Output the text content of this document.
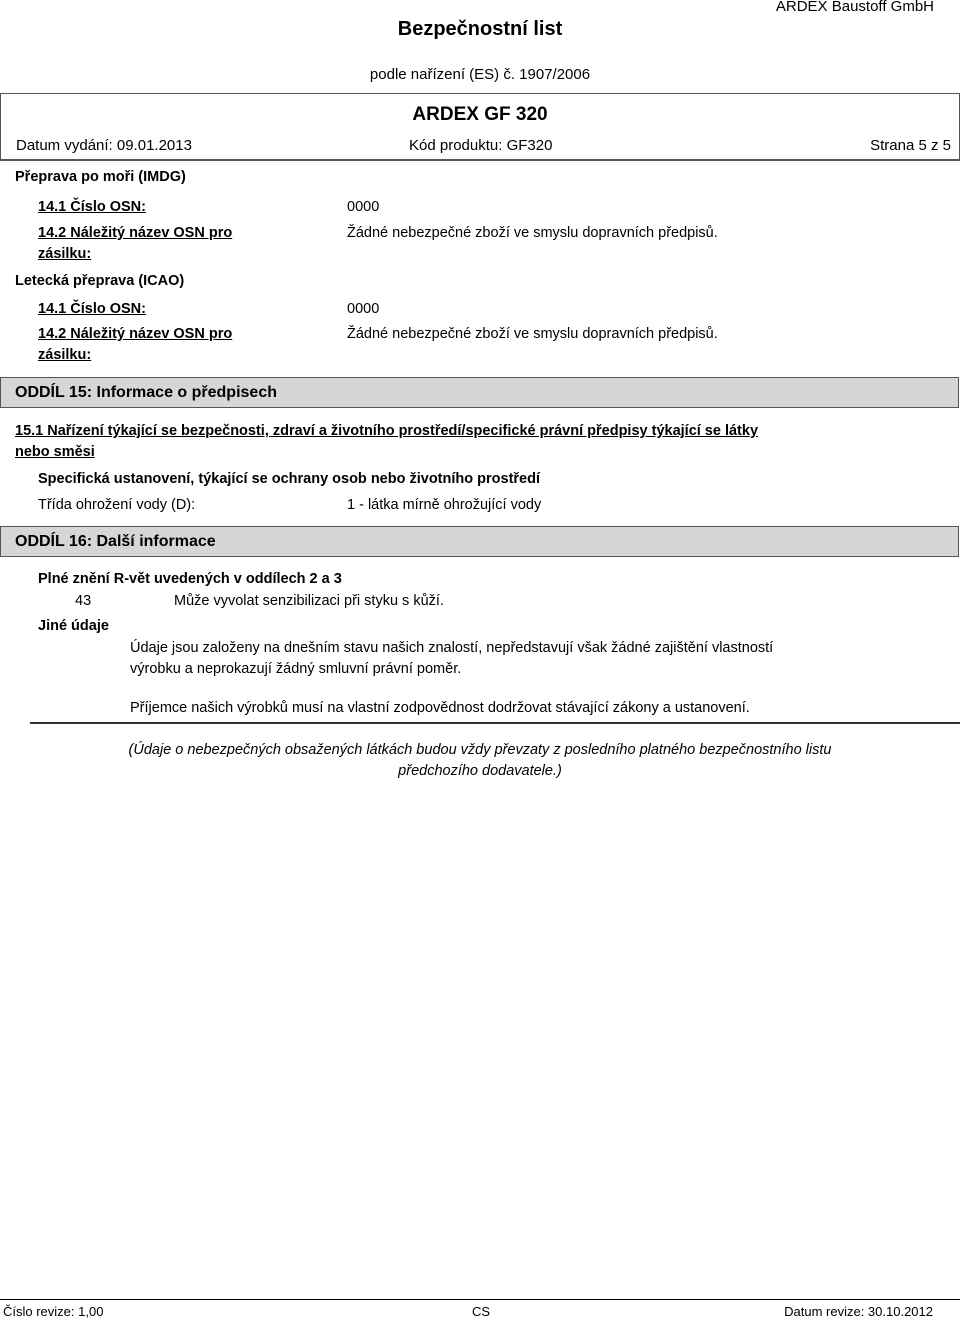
ARDEX Baustoff GmbH
Bezpečnostní list
podle nařízení (ES) č. 1907/2006
ARDEX GF 320
Datum vydání: 09.01.2013	Kód produktu: GF320	Strana 5 z 5
Přeprava po moři (IMDG)
14.1 Číslo OSN:	0000
14.2 Náležitý název OSN pro
zásilku:
Žádné nebezpečné zboží ve smyslu dopravních předpisů.
Letecká přeprava (ICAO)
14.1 Číslo OSN:	0000
14.2 Náležitý název OSN pro
zásilku:
Žádné nebezpečné zboží ve smyslu dopravních předpisů.
ODDÍL 15: Informace o předpisech
15.1 Nařízení týkající se bezpečnosti, zdraví a životního prostředí/specifické právní předpisy týkající se látky
nebo směsi
Specifická ustanovení, týkající se ochrany osob nebo životního prostředí
Třída ohrožení vody (D):	1 - látka mírně ohrožující vody
ODDÍL 16: Další informace
Plné znění R-vět uvedených v oddílech 2 a 3
43	Může vyvolat senzibilizaci při styku s kůží.
Jiné údaje
Údaje jsou založeny na dnešním stavu našich znalostí, nepředstavují však žádné zajištění vlastností
výrobku a neprokazují žádný smluvní právní poměr.
Příjemce našich výrobků musí na vlastní zodpovědnost dodržovat stávající zákony a ustanovení.
(Údaje o nebezpečných obsažených látkách budou vždy převzaty z posledního platného bezpečnostního listu
předchozího dodavatele.)
Číslo revize: 1,00	CS	Datum revize: 30.10.2012
